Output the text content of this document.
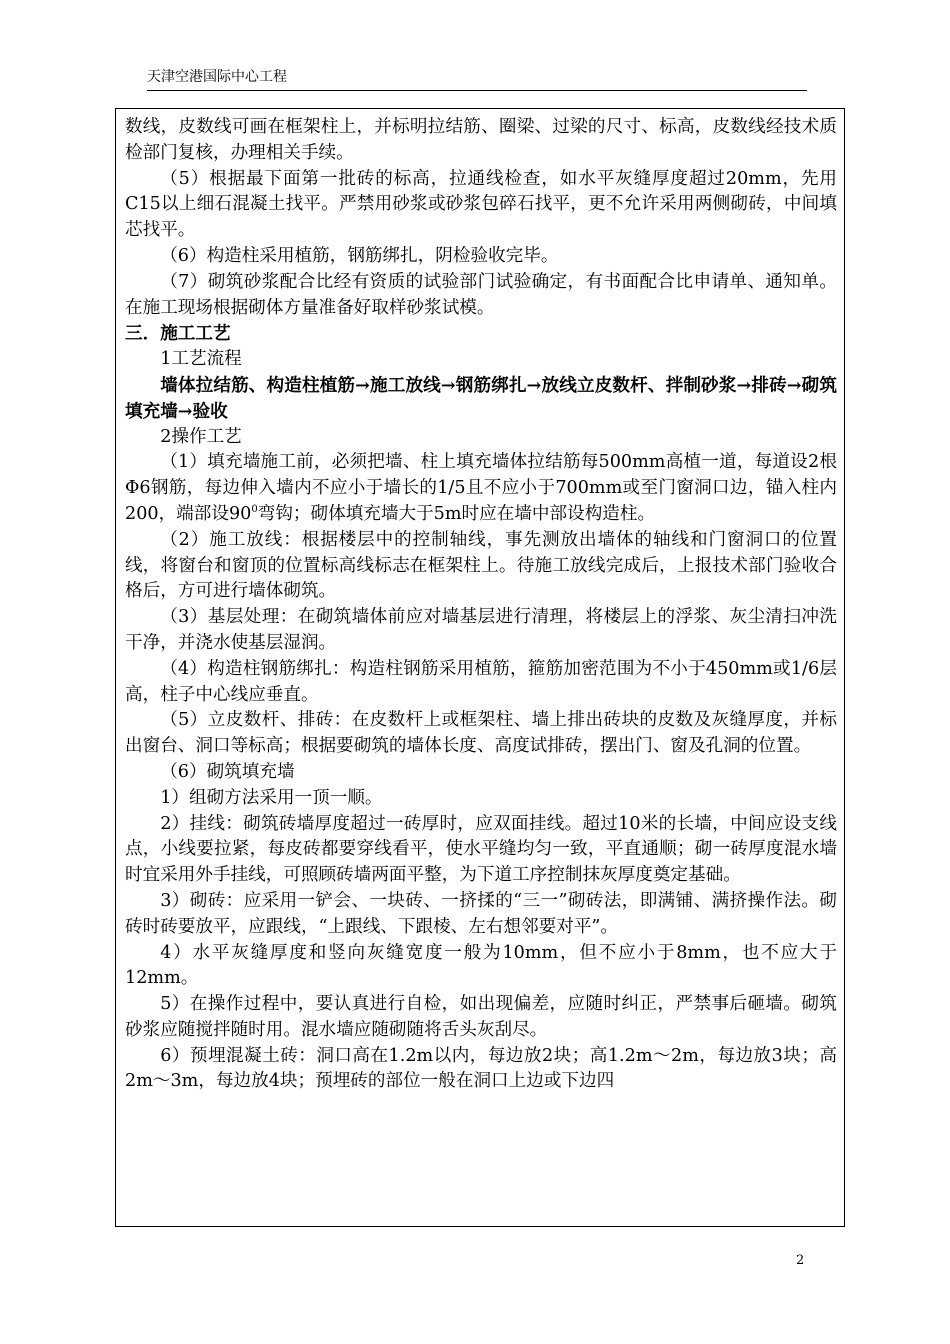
天津空港国际中心工程

数线，皮数线可画在框架柱上，并标明拉结筋、圈梁、过梁的尺寸、标高，皮数线经技术质检部门复核，办理相关手续。

（5）根据最下面第一批砖的标高，拉通线检查，如水平灰缝厚度超过20mm，先用C15以上细石混凝土找平。严禁用砂浆或砂浆包碎石找平，更不允许采用两侧砌砖，中间填芯找平。

（6）构造柱采用植筋，钢筋绑扎，阴检验收完毕。

（7）砌筑砂浆配合比经有资质的试验部门试验确定，有书面配合比申请单、通知单。在施工现场根据砌体方量准备好取样砂浆试模。

三．施工工艺

1工艺流程

墙体拉结筋、构造柱植筋→施工放线→钢筋绑扎→放线立皮数杆、拌制砂浆→排砖→砌筑填充墙→验收

2操作工艺

（1）填充墙施工前，必须把墙、柱上填充墙体拉结筋每500mm高植一道，每道设2根Φ6钢筋，每边伸入墙内不应小于墙长的1/5且不应小于700mm或至门窗洞口边，锚入柱内200，端部设$90^0$弯钩；砌体填充墙大于5m时应在墙中部设构造柱。

（2）施工放线：根据楼层中的控制轴线，事先测放出墙体的轴线和门窗洞口的位置线，将窗台和窗顶的位置标高线标志在框架柱上。待施工放线完成后，上报技术部门验收合格后，方可进行墙体砌筑。

（3）基层处理：在砌筑墙体前应对墙基层进行清理，将楼层上的浮浆、灰尘清扫冲洗干净，并浇水使基层湿润。

（4）构造柱钢筋绑扎：构造柱钢筋采用植筋，箍筋加密范围为不小于450mm或1/6层高，柱子中心线应垂直。

（5）立皮数杆、排砖：在皮数杆上或框架柱、墙上排出砖块的皮数及灰缝厚度，并标出窗台、洞口等标高；根据要砌筑的墙体长度、高度试排砖，摆出门、窗及孔洞的位置。

（6）砌筑填充墙

1）组砌方法采用一顶一顺。

2）挂线：砌筑砖墙厚度超过一砖厚时，应双面挂线。超过10米的长墙，中间应设支线点，小线要拉紧，每皮砖都要穿线看平，使水平缝均匀一致，平直通顺；砌一砖厚度混水墙时宜采用外手挂线，可照顾砖墙两面平整，为下道工序控制抹灰厚度奠定基础。

3）砌砖：应采用一铲会、一块砖、一挤揉的“三一”砌砖法，即满铺、满挤操作法。砌砖时砖要放平，应跟线，“上跟线、下跟棱、左右想邻要对平”。

4）水平灰缝厚度和竖向灰缝宽度一般为10mm，但不应小于8mm，也不应大于12mm。

5）在操作过程中，要认真进行自检，如出现偏差，应随时纠正，严禁事后砸墙。砌筑砂浆应随搅拌随时用。混水墙应随砌随将舌头灰刮尽。

6）预埋混凝土砖：洞口高在1.2m以内，每边放2块；高1.2m～2m，每边放3块；高2m～3m，每边放4块；预埋砖的部位一般在洞口上边或下边四

2
